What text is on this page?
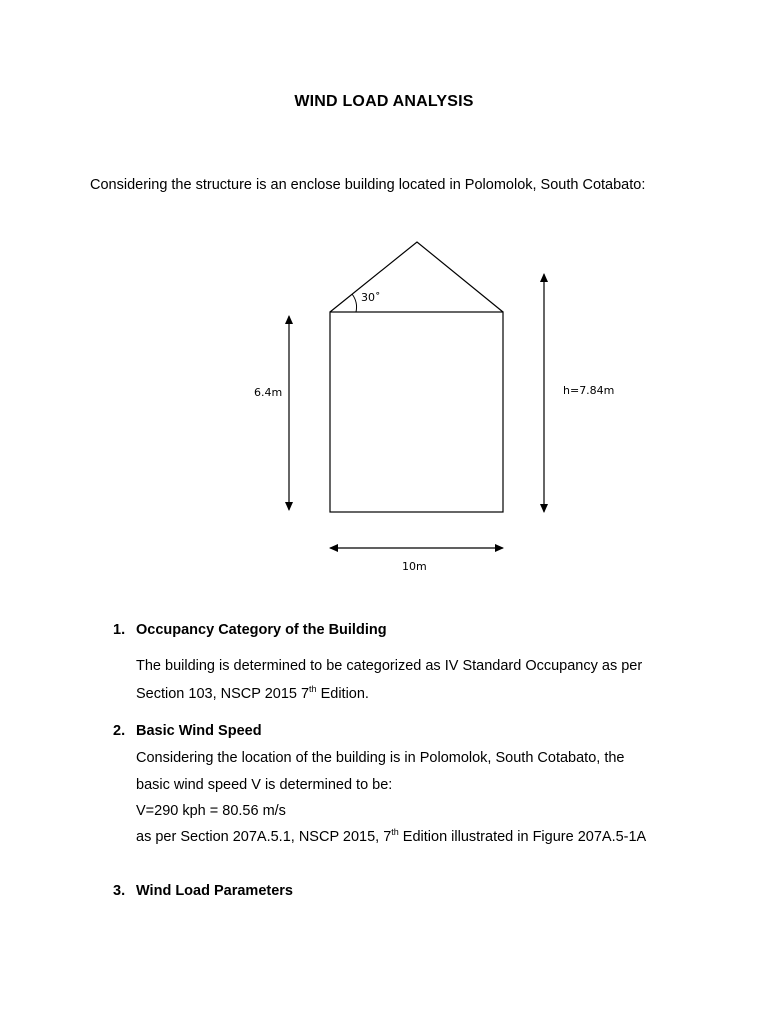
WIND LOAD ANALYSIS
Considering the structure is an enclose building located in Polomolok, South Cotabato:
30˚
6.4m	h=7.84m
10m
1. Occupancy Category of the Building
The building is determined to be categorized as IV Standard Occupancy as per
Section 103, NSCP 2015 7th Edition.
2. Basic Wind Speed
Considering the location of the building is in Polomolok, South Cotabato, the
basic wind speed V is determined to be:
V=290 kph = 80.56 m/s
as per Section 207A.5.1, NSCP 2015, 7th Edition illustrated in Figure 207A.5-1A
3. Wind Load Parameters
